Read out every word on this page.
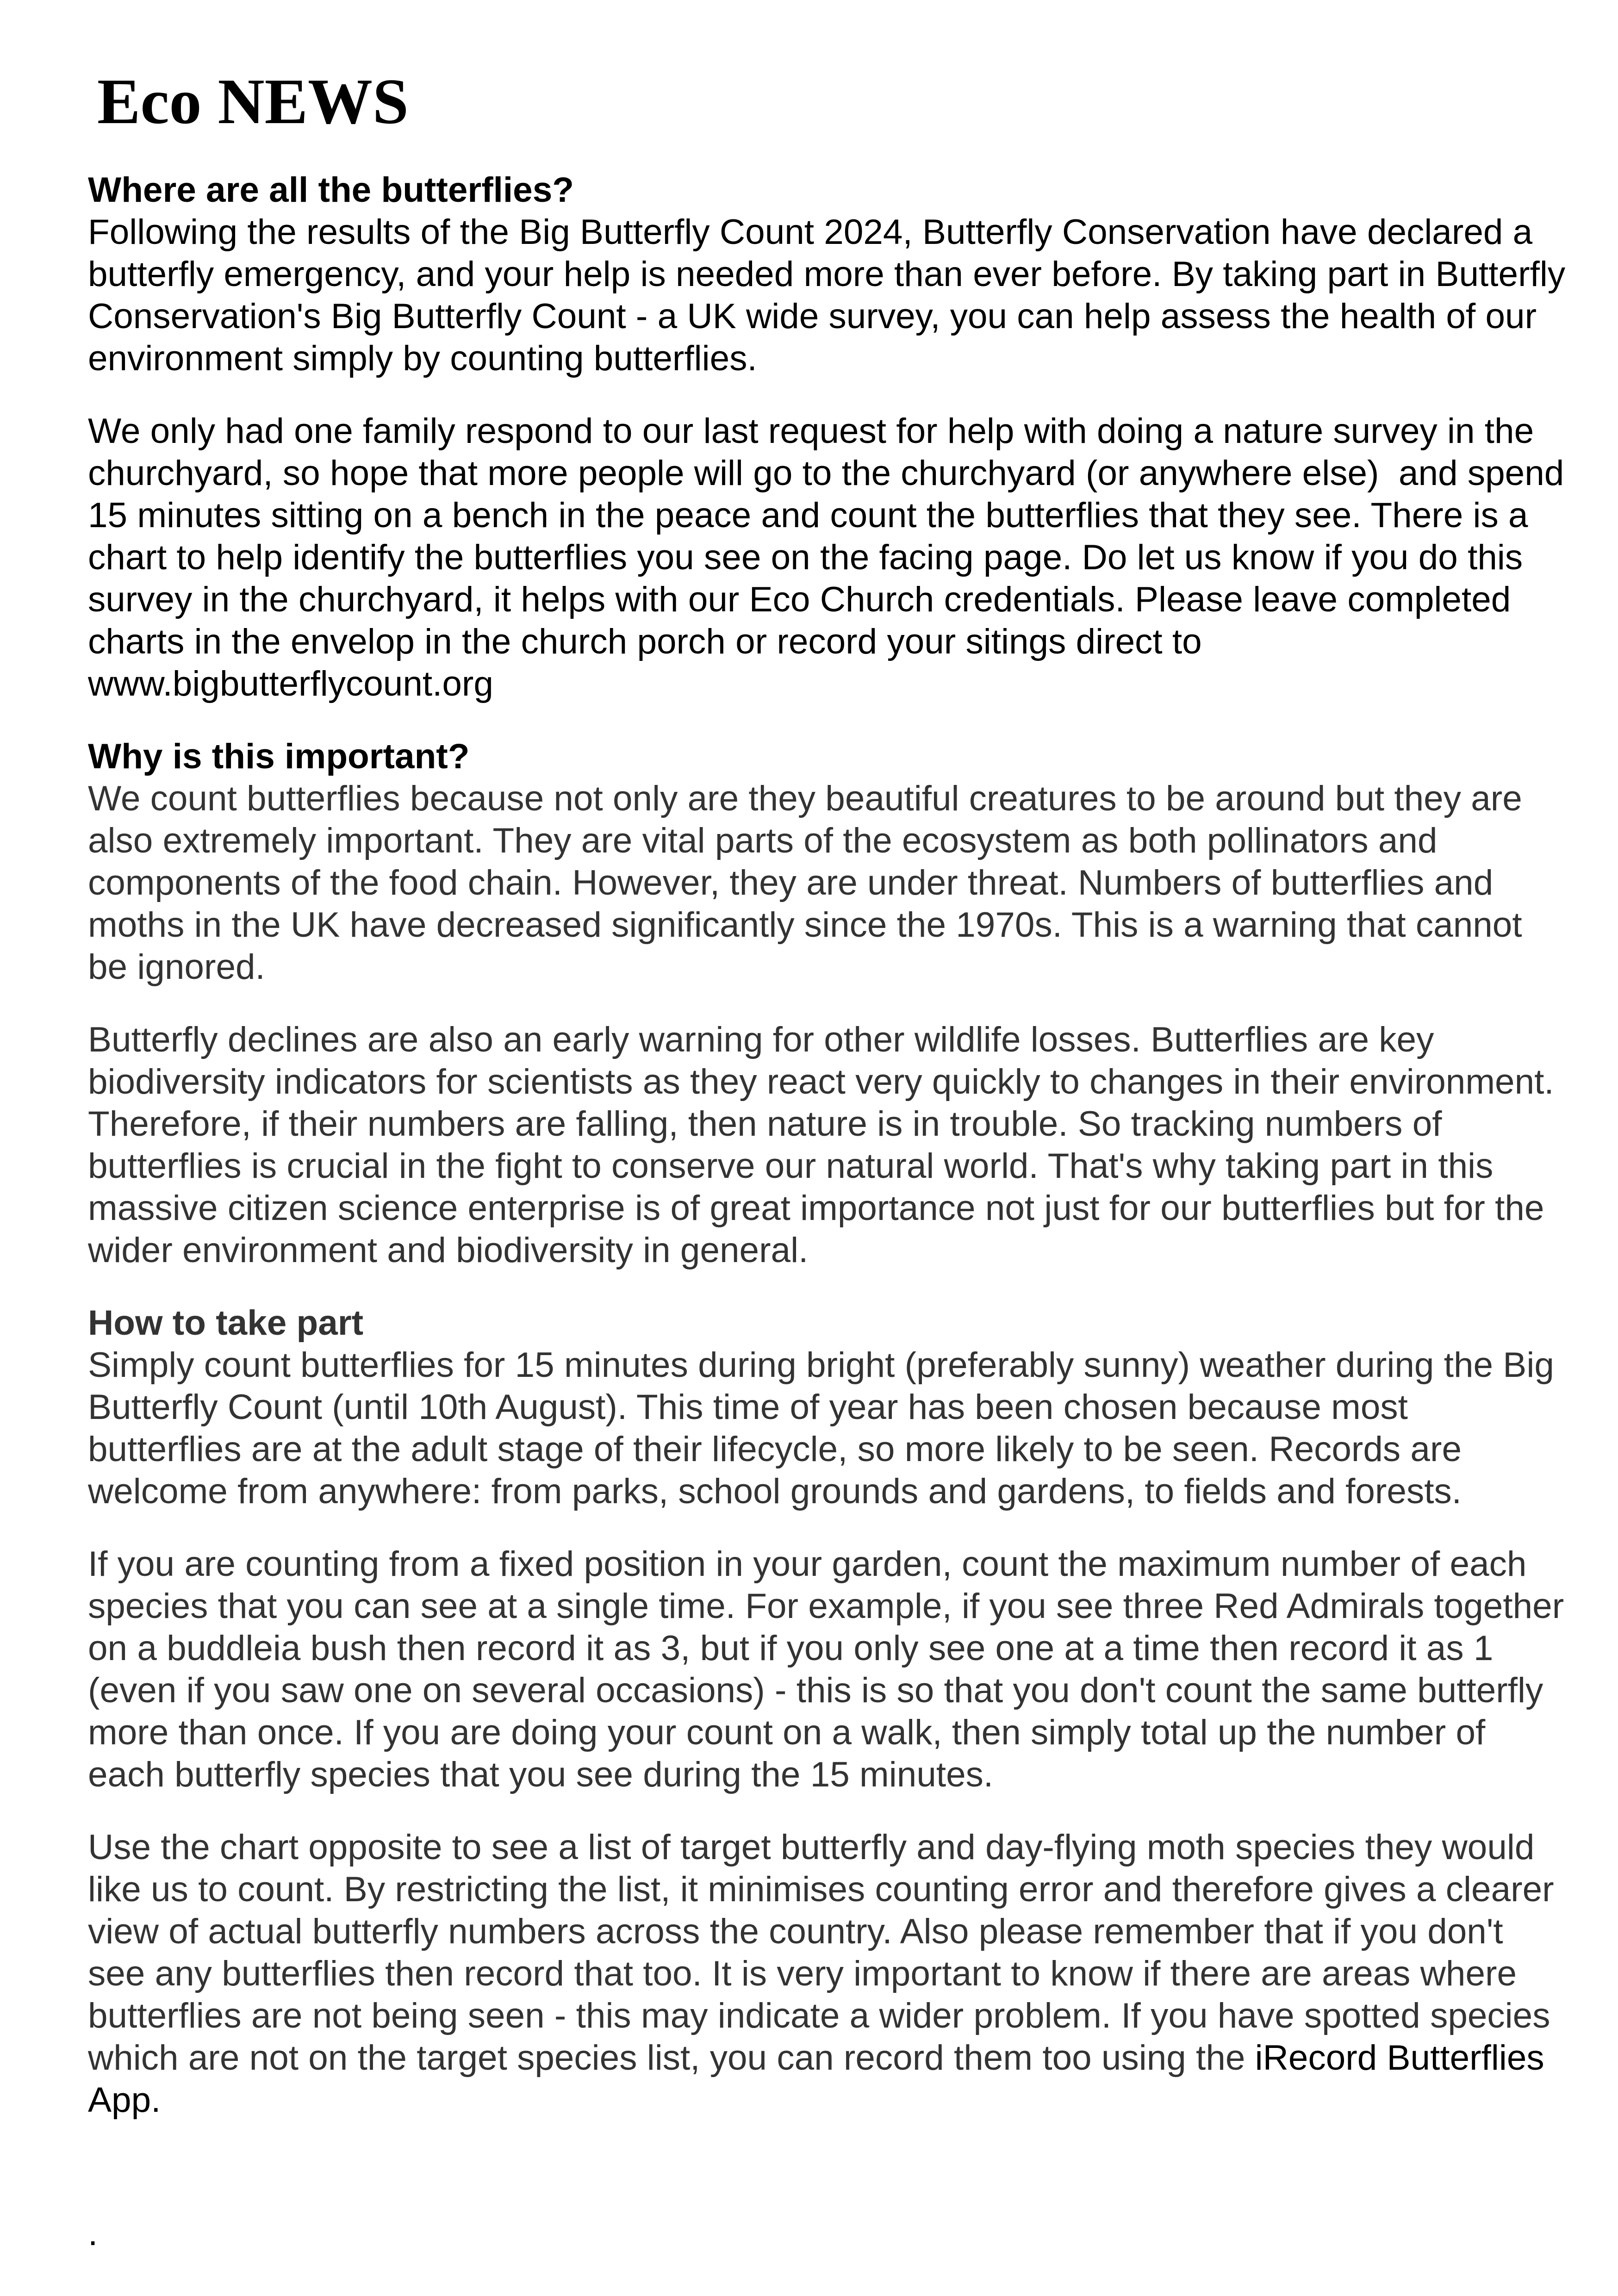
Eco NEWS
Where are all the butterflies?
Following the results of the Big Butterfly Count 2024, Butterfly Conservation have declared a butterfly emergency, and your help is needed more than ever before. By taking part in Butterfly Conservation's Big Butterfly Count - a UK wide survey, you can help assess the health of our environment simply by counting butterflies.
We only had one family respond to our last request for help with doing a nature survey in the churchyard, so hope that more people will go to the churchyard (or anywhere else)  and spend 15 minutes sitting on a bench in the peace and count the butterflies that they see. There is a chart to help identify the butterflies you see on the facing page. Do let us know if you do this survey in the churchyard, it helps with our Eco Church credentials. Please leave completed charts in the envelop in the church porch or record your sitings direct to www.bigbutterflycount.org
Why is this important?
We count butterflies because not only are they beautiful creatures to be around but they are also extremely important. They are vital parts of the ecosystem as both pollinators and components of the food chain. However, they are under threat. Numbers of butterflies and moths in the UK have decreased significantly since the 1970s. This is a warning that cannot be ignored.
Butterfly declines are also an early warning for other wildlife losses. Butterflies are key biodiversity indicators for scientists as they react very quickly to changes in their environment. Therefore, if their numbers are falling, then nature is in trouble. So tracking numbers of butterflies is crucial in the fight to conserve our natural world. That's why taking part in this massive citizen science enterprise is of great importance not just for our butterflies but for the wider environment and biodiversity in general.
How to take part
Simply count butterflies for 15 minutes during bright (preferably sunny) weather during the Big Butterfly Count (until 10th August). This time of year has been chosen because most butterflies are at the adult stage of their lifecycle, so more likely to be seen. Records are welcome from anywhere: from parks, school grounds and gardens, to fields and forests.
If you are counting from a fixed position in your garden, count the maximum number of each species that you can see at a single time. For example, if you see three Red Admirals together on a buddleia bush then record it as 3, but if you only see one at a time then record it as 1 (even if you saw one on several occasions) - this is so that you don't count the same butterfly more than once. If you are doing your count on a walk, then simply total up the number of each butterfly species that you see during the 15 minutes.
Use the chart opposite to see a list of target butterfly and day-flying moth species they would like us to count. By restricting the list, it minimises counting error and therefore gives a clearer view of actual butterfly numbers across the country. Also please remember that if you don't see any butterflies then record that too. It is very important to know if there are areas where butterflies are not being seen - this may indicate a wider problem. If you have spotted species which are not on the target species list, you can record them too using the iRecord Butterflies App.
.
